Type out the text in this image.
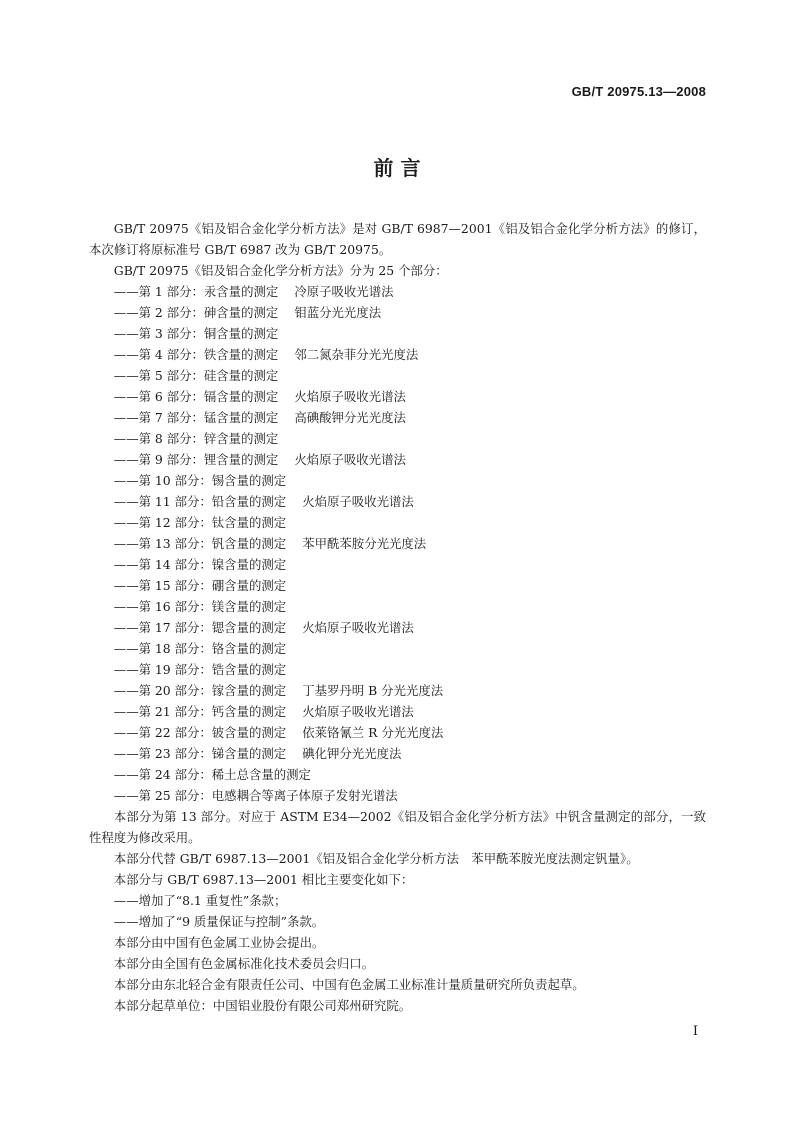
GB/T 20975.13—2008
前 言

GB/T 20975《铝及铝合金化学分析方法》是对 GB/T 6987—2001《铝及铝合金化学分析方法》的修订，本次修订将原标准号 GB/T 6987 改为 GB/T 20975。

GB/T 20975《铝及铝合金化学分析方法》分为 25 个部分：

——第 1 部分：汞含量的测定 冷原子吸收光谱法

——第 2 部分：砷含量的测定 钼蓝分光光度法

——第 3 部分：铜含量的测定

——第 4 部分：铁含量的测定 邻二氮杂菲分光光度法

——第 5 部分：硅含量的测定

——第 6 部分：镉含量的测定 火焰原子吸收光谱法

——第 7 部分：锰含量的测定 高碘酸钾分光光度法

——第 8 部分：锌含量的测定

——第 9 部分：锂含量的测定 火焰原子吸收光谱法

——第 10 部分：锡含量的测定

——第 11 部分：铅含量的测定 火焰原子吸收光谱法

——第 12 部分：钛含量的测定

——第 13 部分：钒含量的测定 苯甲酰苯胺分光光度法

——第 14 部分：镍含量的测定

——第 15 部分：硼含量的测定

——第 16 部分：镁含量的测定

——第 17 部分：锶含量的测定 火焰原子吸收光谱法

——第 18 部分：铬含量的测定

——第 19 部分：锆含量的测定

——第 20 部分：镓含量的测定 丁基罗丹明 B 分光光度法

——第 21 部分：钙含量的测定 火焰原子吸收光谱法

——第 22 部分：铍含量的测定 依莱铬氰兰 R 分光光度法

——第 23 部分：锑含量的测定 碘化钾分光光度法

——第 24 部分：稀土总含量的测定

——第 25 部分：电感耦合等离子体原子发射光谱法

本部分为第 13 部分。对应于 ASTM E34—2002《铝及铝合金化学分析方法》中钒含量测定的部分，一致性程度为修改采用。

本部分代替 GB/T 6987.13—2001《铝及铝合金化学分析方法　苯甲酰苯胺光度法测定钒量》。

本部分与 GB/T 6987.13—2001 相比主要变化如下：

——增加了“8.1 重复性”条款；

——增加了“9 质量保证与控制”条款。

本部分由中国有色金属工业协会提出。

本部分由全国有色金属标准化技术委员会归口。

本部分由东北轻合金有限责任公司、中国有色金属工业标准计量质量研究所负责起草。

本部分起草单位：中国铝业股份有限公司郑州研究院。

I
